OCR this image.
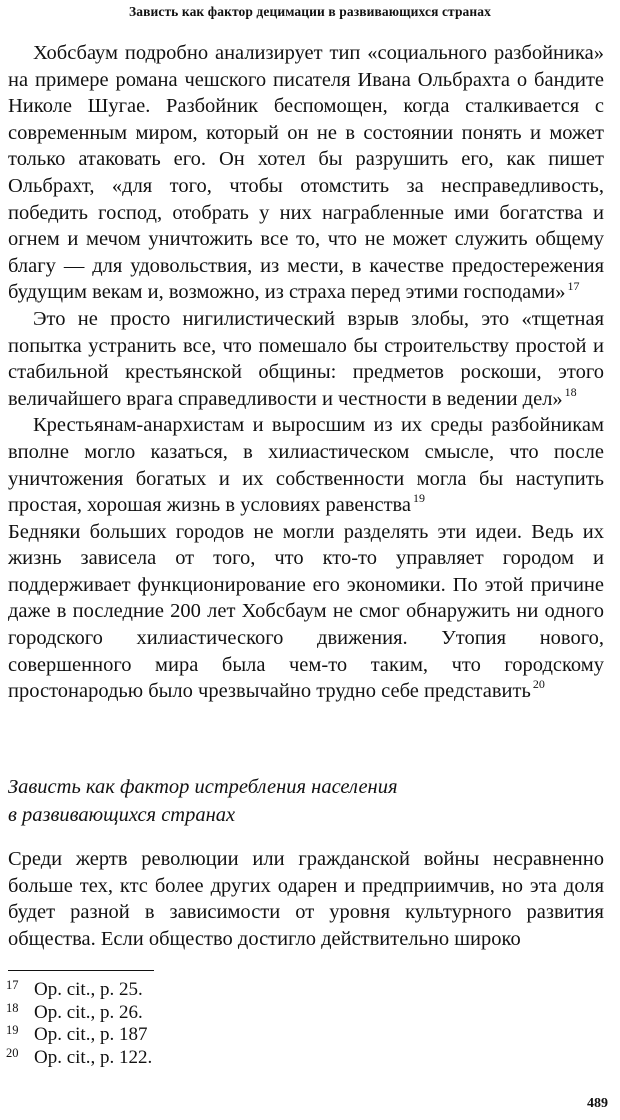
Зависть как фактор децимации в развивающихся странах

Хобсбаум подробно анализирует тип «социального разбойника» на примере романа чешского писателя Ивана Ольбрахта о бандите Николе Шугае. Разбойник беспомощен, когда сталкивается с современным миром, который он не в состоянии понять и может только атаковать его. Он хотел бы разрушить его, как пишет Ольбрахт, «для того, чтобы отомстить за несправедливость, победить господ, отобрать у них награбленные ими богатства и огнем и мечом уничтожить все то, что не может служить общему благу — для удовольствия, из мести, в качестве предостережения будущим векам и, возможно, из страха перед этими господами» $^{17}$

Это не просто нигилистический взрыв злобы, это «тщетная попытка устранить все, что помешало бы строительству простой и стабильной крестьянской общины: предметов роскоши, этого величайшего врага справедливости и честности в ведении дел» $^{18}$

Крестьянам-анархистам и выросшим из их среды разбойникам вполне могло казаться, в хилиастическом смысле, что после уничтожения богатых и их собственности могла бы наступить простая, хорошая жизнь в условиях равенства $^{19}$

Бедняки больших городов не могли разделять эти идеи. Ведь их жизнь зависела от того, что кто-то управляет городом и поддерживает функционирование его экономики. По этой причине даже в последние 200 лет Хобсбаум не смог обнаружить ни одного городского хилиастического движения. Утопия нового, совершенного мира была чем-то таким, что городскому простонародью было чрезвычайно трудно себе представить $^{20}$

Зависть как фактор истребления населения
в развивающихся странах

Среди жертв революции или гражданской войны несравненно больше тех, ктс более других одарен и предприимчив, но эта доля будет разной в зависимости от уровня культурного развития общества. Если общество достигло действительно широко

17 Op. cit., p. 25.
18 Op. cit., p. 26.
19 Op. cit., p. 187
20 Op. cit., p. 122.
489
